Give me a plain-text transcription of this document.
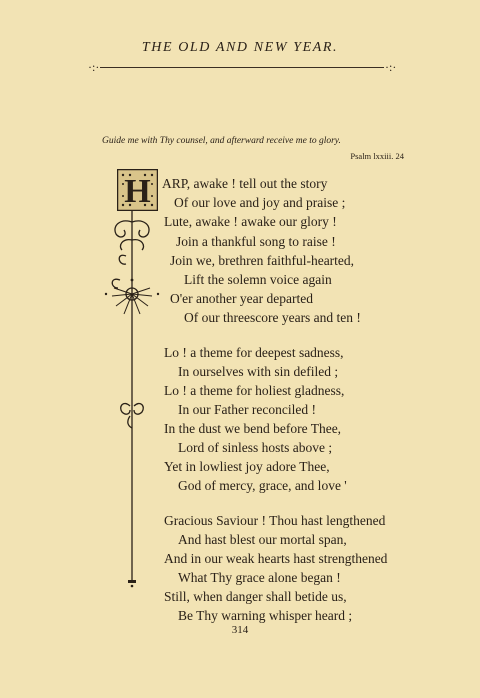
THE OLD AND NEW YEAR.
·:·	·:·
Guide me with Thy counsel, and afterward receive me to glory.
Psalm lxxiii. 24
H ARP, awake ! tell out the story
Of our love and joy and praise ;
Lute, awake ! awake our glory !
Join a thankful song to raise !
Join we, brethren faithful-hearted,
Lift the solemn voice again
O'er another year departed
Of our threescore years and ten !
Lo ! a theme for deepest sadness,
In ourselves with sin defiled ;
Lo ! a theme for holiest gladness,
In our Father reconciled !
In the dust we bend before Thee,
Lord of sinless hosts above ;
Yet in lowliest joy adore Thee,
God of mercy, grace, and love '
Gracious Saviour ! Thou hast lengthened
And hast blest our mortal span,
And in our weak hearts hast strengthened
What Thy grace alone began !
Still, when danger shall betide us,
Be Thy warning whisper heard ;
314
